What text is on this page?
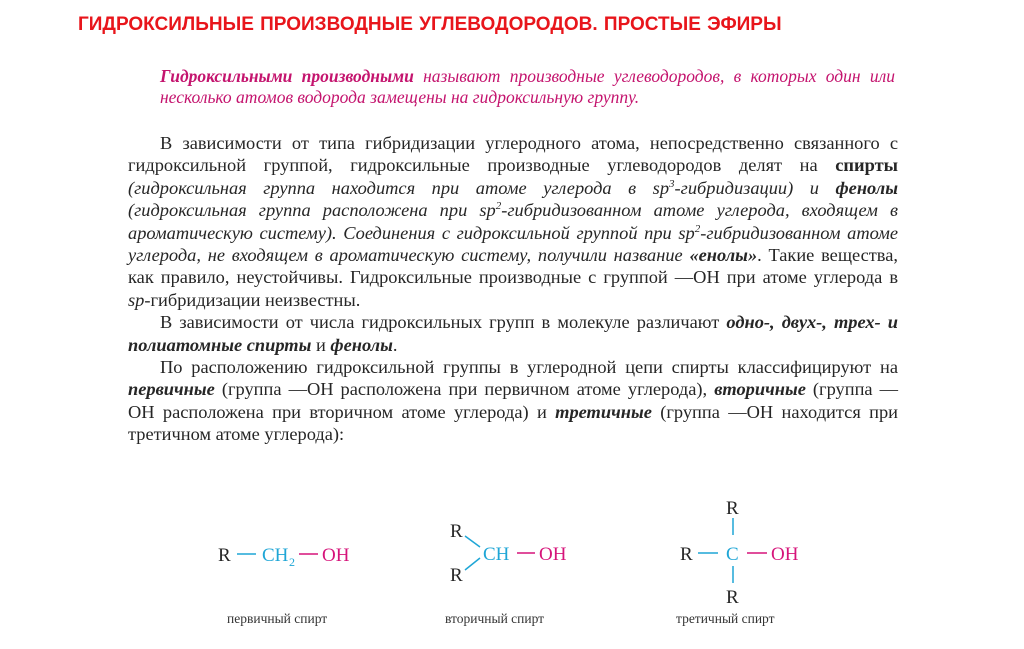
ГИДРОКСИЛЬНЫЕ ПРОИЗВОДНЫЕ УГЛЕВОДОРОДОВ. ПРОСТЫЕ ЭФИРЫ
Гидроксильными производными называют производные углеводородов, в которых один или несколько атомов водорода замещены на гидроксильную группу.

В зависимости от типа гибридизации углеродного атома, непосредственно связанного с гидроксильной группой, гидроксильные производные углеводородов делят на спирты (гидроксильная группа находится при атоме углерода в $sp^3-гибридизации$) и фенолы (гидроксильная группа расположена при $sp^2$-гибридизованном атоме углерода, входящем в ароматическую систему). Соединения с гидроксильной группой при $sp^2$-гибридизованном атоме углерода, не входящем в ароматическую систему, получили название «енолы». Такие вещества, как правило, неустойчивы. Гидроксильные производные с группой —ОН при атоме углерода в sp-гибридизации неизвестны.

В зависимости от числа гидроксильных групп в молекуле различают одно-, двух-, трех- и полиатомные спирты и фенолы.

По расположению гидроксильной группы в углеродной цепи спирты классифицируют на первичные (группа —ОН расположена при первичном атоме углерода), вторичные (группа —ОН расположена при вторичном атоме углерода) и третичные (группа —ОН находится при третичном атоме углерода):

R CH 2 OH
R
R
CH OH
R
R C OH
R
первичный спирт	вторичный спирт	третичный спирт
